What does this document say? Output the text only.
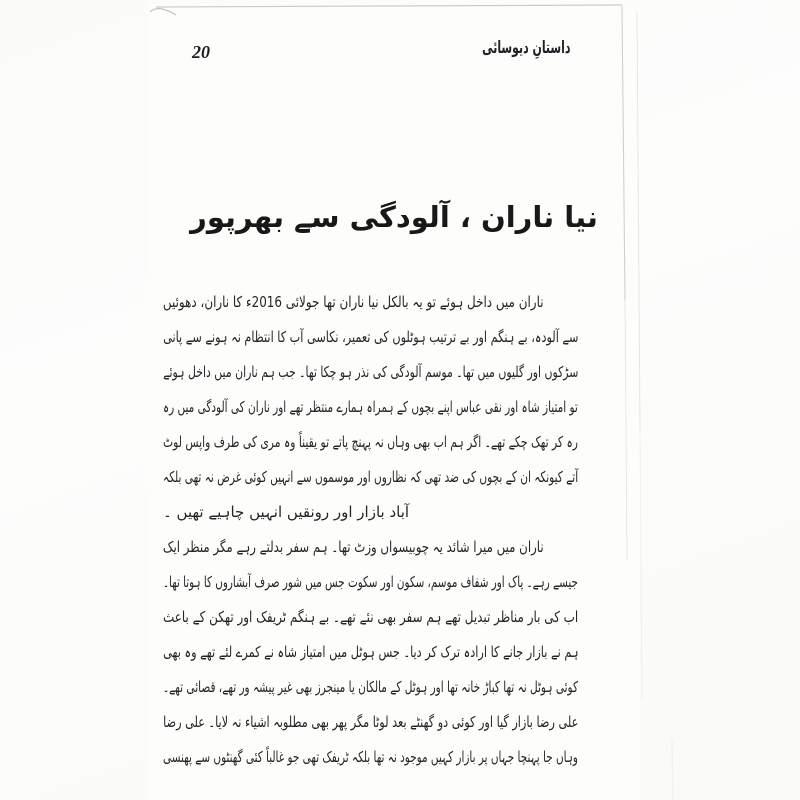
20	داستانِ دیوسائی
نیا ناران ، آلودگی سے بھرپور
ناران میں داخل ہوئے تو یہ بالکل نیا ناران تھا جولائی 2016ء کا ناران، دھوئیں
سے آلودہ، بے ہنگم اور بے ترتیب ہوٹلوں کی تعمیر، نکاسی آب کا انتظام نہ ہونے سے پانی
سڑکوں اور گلیوں میں تھا۔ موسم آلودگی کی نذر ہو چکا تھا۔ جب ہم ناران میں داخل ہوئے
تو امتیاز شاہ اور نقی عباس اپنے بچوں کے ہمراہ ہمارے منتظر تھے اور ناران کی آلودگی میں رہ
رہ کر تھک چکے تھے۔ اگر ہم اب بھی وہاں نہ پہنچ پاتے تو یقیناً وہ مری کی طرف واپس لوٹ
آتے کیونکہ ان کے بچوں کی ضد تھی کہ نظاروں اور موسموں سے انہیں کوئی غرض نہ تھی بلکہ
آباد بازار اور رونقیں انہیں چاہیے تھیں ۔
ناران میں میرا شائد یہ چوبیسواں وزٹ تھا۔ ہم سفر بدلتے رہے مگر منظر ایک
جیسے رہے۔ پاک اور شفاف موسم، سکون اور سکوت جس میں شور صرف آبشاروں کا ہوتا تھا۔
اب کی بار مناظر تبدیل تھے ہم سفر بھی نئے تھے۔ بے ہنگم ٹریفک اور تھکن کے باعث
ہم نے بازار جانے کا ارادہ ترک کر دیا۔ جس ہوٹل میں امتیاز شاہ نے کمرے لئے تھے وہ بھی
کوئی ہوٹل نہ تھا کباڑ خانہ تھا اور ہوٹل کے مالکان یا مینجرز بھی غیر پیشہ ور تھے، قصائی تھے۔
علی رضا بازار گیا اور کوئی دو گھنٹے بعد لوٹا مگر پھر بھی مطلوبہ اشیاء نہ لایا۔ علی رضا
وہاں جا پہنچا جہاں پر بازار کہیں موجود نہ تھا بلکہ ٹریفک تھی جو غالباً کئی گھنٹوں سے پھنسی
